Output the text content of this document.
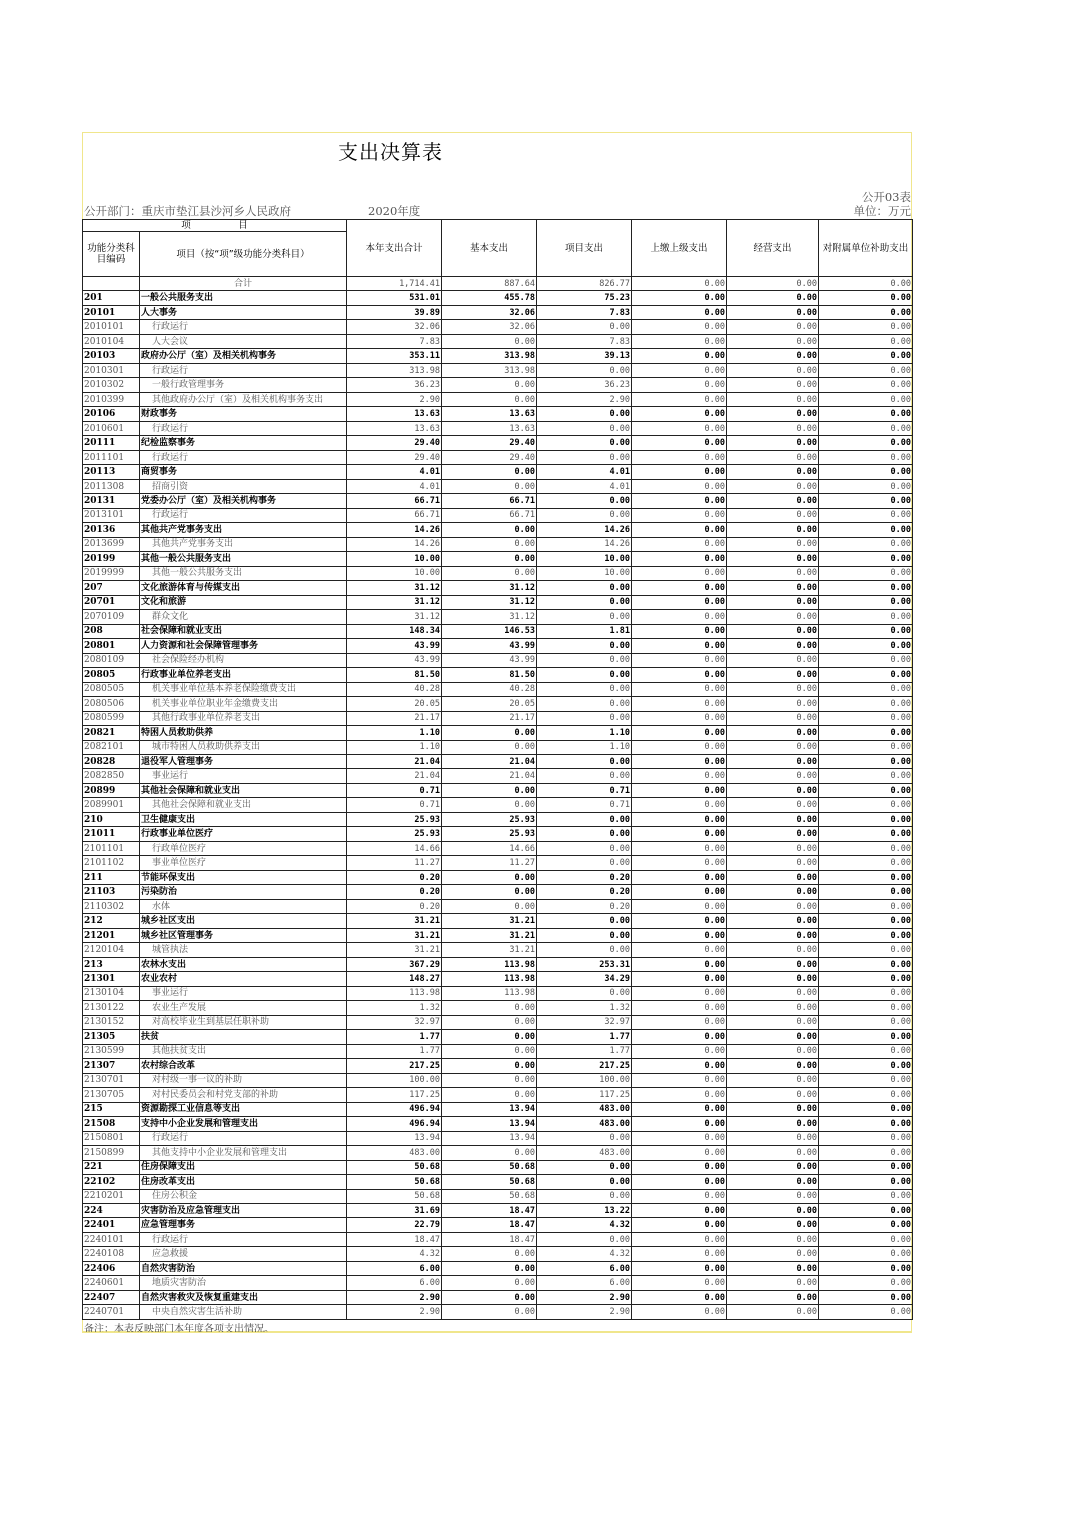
支出决算表
公开03表
公开部门：重庆市垫江县沙河乡人民政府	2020年度	单位：万元
项　　　　　目		本年支出合计	基本支出	项目支出	上缴上级支出	经营支出	对附属单位补助支出
功能分类科目编码	项目（按“项”级功能分类科目）						
	合计	1,714.41	887.64	826.77	0.00	0.00	0.00
201	一般公共服务支出	531.01	455.78	75.23	0.00	0.00	0.00
20101	人大事务	39.89	32.06	7.83	0.00	0.00	0.00
2010101	行政运行	32.06	32.06	0.00	0.00	0.00	0.00
2010104	人大会议	7.83	0.00	7.83	0.00	0.00	0.00
20103	政府办公厅（室）及相关机构事务	353.11	313.98	39.13	0.00	0.00	0.00
2010301	行政运行	313.98	313.98	0.00	0.00	0.00	0.00
2010302	一般行政管理事务	36.23	0.00	36.23	0.00	0.00	0.00
2010399	其他政府办公厅（室）及相关机构事务支出	2.90	0.00	2.90	0.00	0.00	0.00
20106	财政事务	13.63	13.63	0.00	0.00	0.00	0.00
2010601	行政运行	13.63	13.63	0.00	0.00	0.00	0.00
20111	纪检监察事务	29.40	29.40	0.00	0.00	0.00	0.00
2011101	行政运行	29.40	29.40	0.00	0.00	0.00	0.00
20113	商贸事务	4.01	0.00	4.01	0.00	0.00	0.00
2011308	招商引资	4.01	0.00	4.01	0.00	0.00	0.00
20131	党委办公厅（室）及相关机构事务	66.71	66.71	0.00	0.00	0.00	0.00
2013101	行政运行	66.71	66.71	0.00	0.00	0.00	0.00
20136	其他共产党事务支出	14.26	0.00	14.26	0.00	0.00	0.00
2013699	其他共产党事务支出	14.26	0.00	14.26	0.00	0.00	0.00
20199	其他一般公共服务支出	10.00	0.00	10.00	0.00	0.00	0.00
2019999	其他一般公共服务支出	10.00	0.00	10.00	0.00	0.00	0.00
207	文化旅游体育与传媒支出	31.12	31.12	0.00	0.00	0.00	0.00
20701	文化和旅游	31.12	31.12	0.00	0.00	0.00	0.00
2070109	群众文化	31.12	31.12	0.00	0.00	0.00	0.00
208	社会保障和就业支出	148.34	146.53	1.81	0.00	0.00	0.00
20801	人力资源和社会保障管理事务	43.99	43.99	0.00	0.00	0.00	0.00
2080109	社会保险经办机构	43.99	43.99	0.00	0.00	0.00	0.00
20805	行政事业单位养老支出	81.50	81.50	0.00	0.00	0.00	0.00
2080505	机关事业单位基本养老保险缴费支出	40.28	40.28	0.00	0.00	0.00	0.00
2080506	机关事业单位职业年金缴费支出	20.05	20.05	0.00	0.00	0.00	0.00
2080599	其他行政事业单位养老支出	21.17	21.17	0.00	0.00	0.00	0.00
20821	特困人员救助供养	1.10	0.00	1.10	0.00	0.00	0.00
2082101	城市特困人员救助供养支出	1.10	0.00	1.10	0.00	0.00	0.00
20828	退役军人管理事务	21.04	21.04	0.00	0.00	0.00	0.00
2082850	事业运行	21.04	21.04	0.00	0.00	0.00	0.00
20899	其他社会保障和就业支出	0.71	0.00	0.71	0.00	0.00	0.00
2089901	其他社会保障和就业支出	0.71	0.00	0.71	0.00	0.00	0.00
210	卫生健康支出	25.93	25.93	0.00	0.00	0.00	0.00
21011	行政事业单位医疗	25.93	25.93	0.00	0.00	0.00	0.00
2101101	行政单位医疗	14.66	14.66	0.00	0.00	0.00	0.00
2101102	事业单位医疗	11.27	11.27	0.00	0.00	0.00	0.00
211	节能环保支出	0.20	0.00	0.20	0.00	0.00	0.00
21103	污染防治	0.20	0.00	0.20	0.00	0.00	0.00
2110302	水体	0.20	0.00	0.20	0.00	0.00	0.00
212	城乡社区支出	31.21	31.21	0.00	0.00	0.00	0.00
21201	城乡社区管理事务	31.21	31.21	0.00	0.00	0.00	0.00
2120104	城管执法	31.21	31.21	0.00	0.00	0.00	0.00
213	农林水支出	367.29	113.98	253.31	0.00	0.00	0.00
21301	农业农村	148.27	113.98	34.29	0.00	0.00	0.00
2130104	事业运行	113.98	113.98	0.00	0.00	0.00	0.00
2130122	农业生产发展	1.32	0.00	1.32	0.00	0.00	0.00
2130152	对高校毕业生到基层任职补助	32.97	0.00	32.97	0.00	0.00	0.00
21305	扶贫	1.77	0.00	1.77	0.00	0.00	0.00
2130599	其他扶贫支出	1.77	0.00	1.77	0.00	0.00	0.00
21307	农村综合改革	217.25	0.00	217.25	0.00	0.00	0.00
2130701	对村级一事一议的补助	100.00	0.00	100.00	0.00	0.00	0.00
2130705	对村民委员会和村党支部的补助	117.25	0.00	117.25	0.00	0.00	0.00
215	资源勘探工业信息等支出	496.94	13.94	483.00	0.00	0.00	0.00
21508	支持中小企业发展和管理支出	496.94	13.94	483.00	0.00	0.00	0.00
2150801	行政运行	13.94	13.94	0.00	0.00	0.00	0.00
2150899	其他支持中小企业发展和管理支出	483.00	0.00	483.00	0.00	0.00	0.00
221	住房保障支出	50.68	50.68	0.00	0.00	0.00	0.00
22102	住房改革支出	50.68	50.68	0.00	0.00	0.00	0.00
2210201	住房公积金	50.68	50.68	0.00	0.00	0.00	0.00
224	灾害防治及应急管理支出	31.69	18.47	13.22	0.00	0.00	0.00
22401	应急管理事务	22.79	18.47	4.32	0.00	0.00	0.00
2240101	行政运行	18.47	18.47	0.00	0.00	0.00	0.00
2240108	应急救援	4.32	0.00	4.32	0.00	0.00	0.00
22406	自然灾害防治	6.00	0.00	6.00	0.00	0.00	0.00
2240601	地质灾害防治	6.00	0.00	6.00	0.00	0.00	0.00
22407	自然灾害救灾及恢复重建支出	2.90	0.00	2.90	0.00	0.00	0.00
2240701	中央自然灾害生活补助	2.90	0.00	2.90	0.00	0.00	0.00
备注：本表反映部门本年度各项支出情况。
